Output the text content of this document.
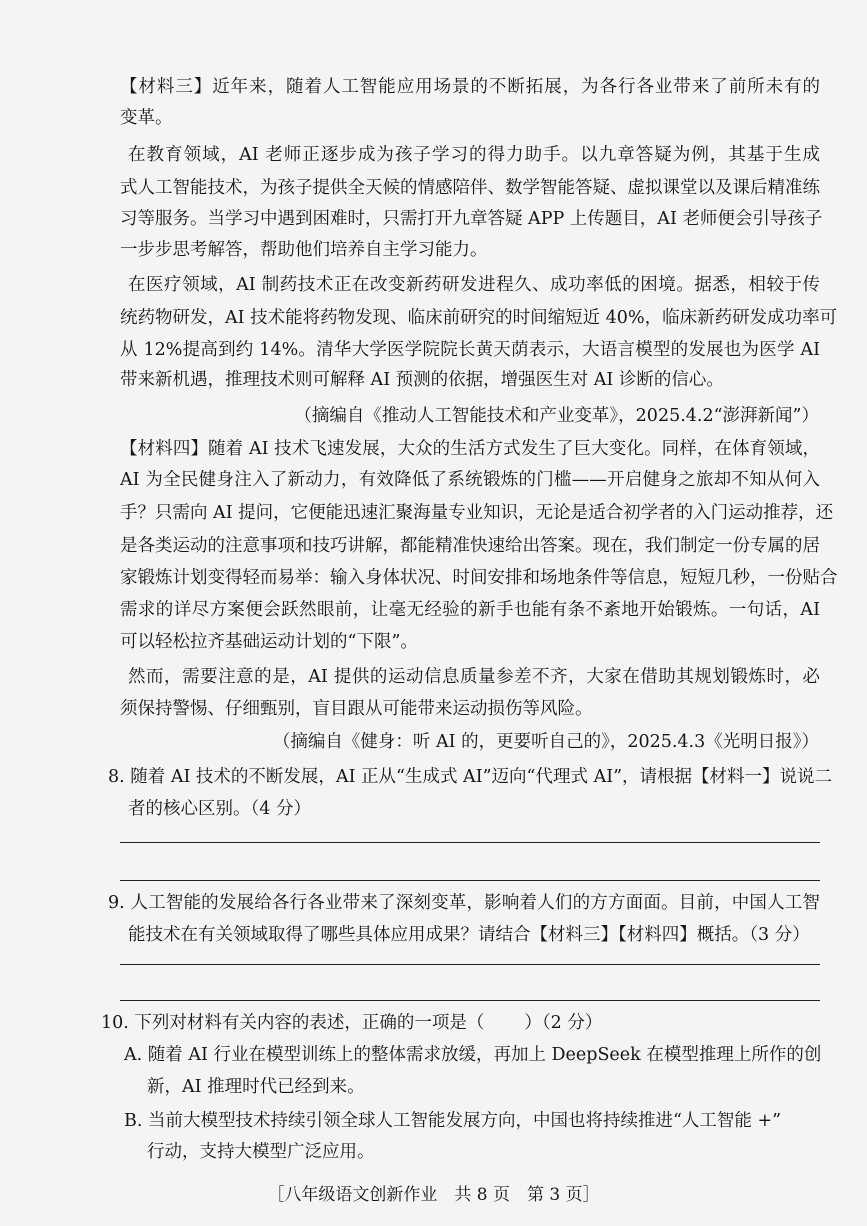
【材料三】近年来，随着人工智能应用场景的不断拓展，为各行各业带来了前所未有的
变革。
在教育领域，AI 老师正逐步成为孩子学习的得力助手。以九章答疑为例，其基于生成
式人工智能技术，为孩子提供全天候的情感陪伴、数学智能答疑、虚拟课堂以及课后精准练
习等服务。当学习中遇到困难时，只需打开九章答疑 APP 上传题目，AI 老师便会引导孩子
一步步思考解答，帮助他们培养自主学习能力。
在医疗领域，AI 制药技术正在改变新药研发进程久、成功率低的困境。据悉，相较于传
统药物研发，AI 技术能将药物发现、临床前研究的时间缩短近 40%，临床新药研发成功率可
从 12%提高到约 14%。清华大学医学院院长黄天荫表示，大语言模型的发展也为医学 AI
带来新机遇，推理技术则可解释 AI 预测的依据，增强医生对 AI 诊断的信心。
（摘编自《推动人工智能技术和产业变革》，2025.4.2“澎湃新闻”）
【材料四】随着 AI 技术飞速发展，大众的生活方式发生了巨大变化。同样，在体育领域，
AI 为全民健身注入了新动力，有效降低了系统锻炼的门槛——开启健身之旅却不知从何入
手？只需向 AI 提问，它便能迅速汇聚海量专业知识，无论是适合初学者的入门运动推荐，还
是各类运动的注意事项和技巧讲解，都能精准快速给出答案。现在，我们制定一份专属的居
家锻炼计划变得轻而易举：输入身体状况、时间安排和场地条件等信息，短短几秒，一份贴合
需求的详尽方案便会跃然眼前，让毫无经验的新手也能有条不紊地开始锻炼。一句话，AI
可以轻松拉齐基础运动计划的“下限”。
然而，需要注意的是，AI 提供的运动信息质量参差不齐，大家在借助其规划锻炼时，必
须保持警惕、仔细甄别，盲目跟从可能带来运动损伤等风险。
（摘编自《健身：听 AI 的，更要听自己的》，2025.4.3《光明日报》）
8. 随着 AI 技术的不断发展，AI 正从“生成式 AI”迈向“代理式 AI”，请根据【材料一】说说二
者的核心区别。（4 分）
9. 人工智能的发展给各行各业带来了深刻变革，影响着人们的方方面面。目前，中国人工智
能技术在有关领域取得了哪些具体应用成果？请结合【材料三】【材料四】概括。（3 分）
10. 下列对材料有关内容的表述，正确的一项是（ ）（2 分）
A. 随着 AI 行业在模型训练上的整体需求放缓，再加上 DeepSeek 在模型推理上所作的创
新，AI 推理时代已经到来。
B. 当前大模型技术持续引领全球人工智能发展方向，中国也将持续推进“人工智能 +”
行动，支持大模型广泛应用。
［八年级语文创新作业　共 8 页　第 3 页］
